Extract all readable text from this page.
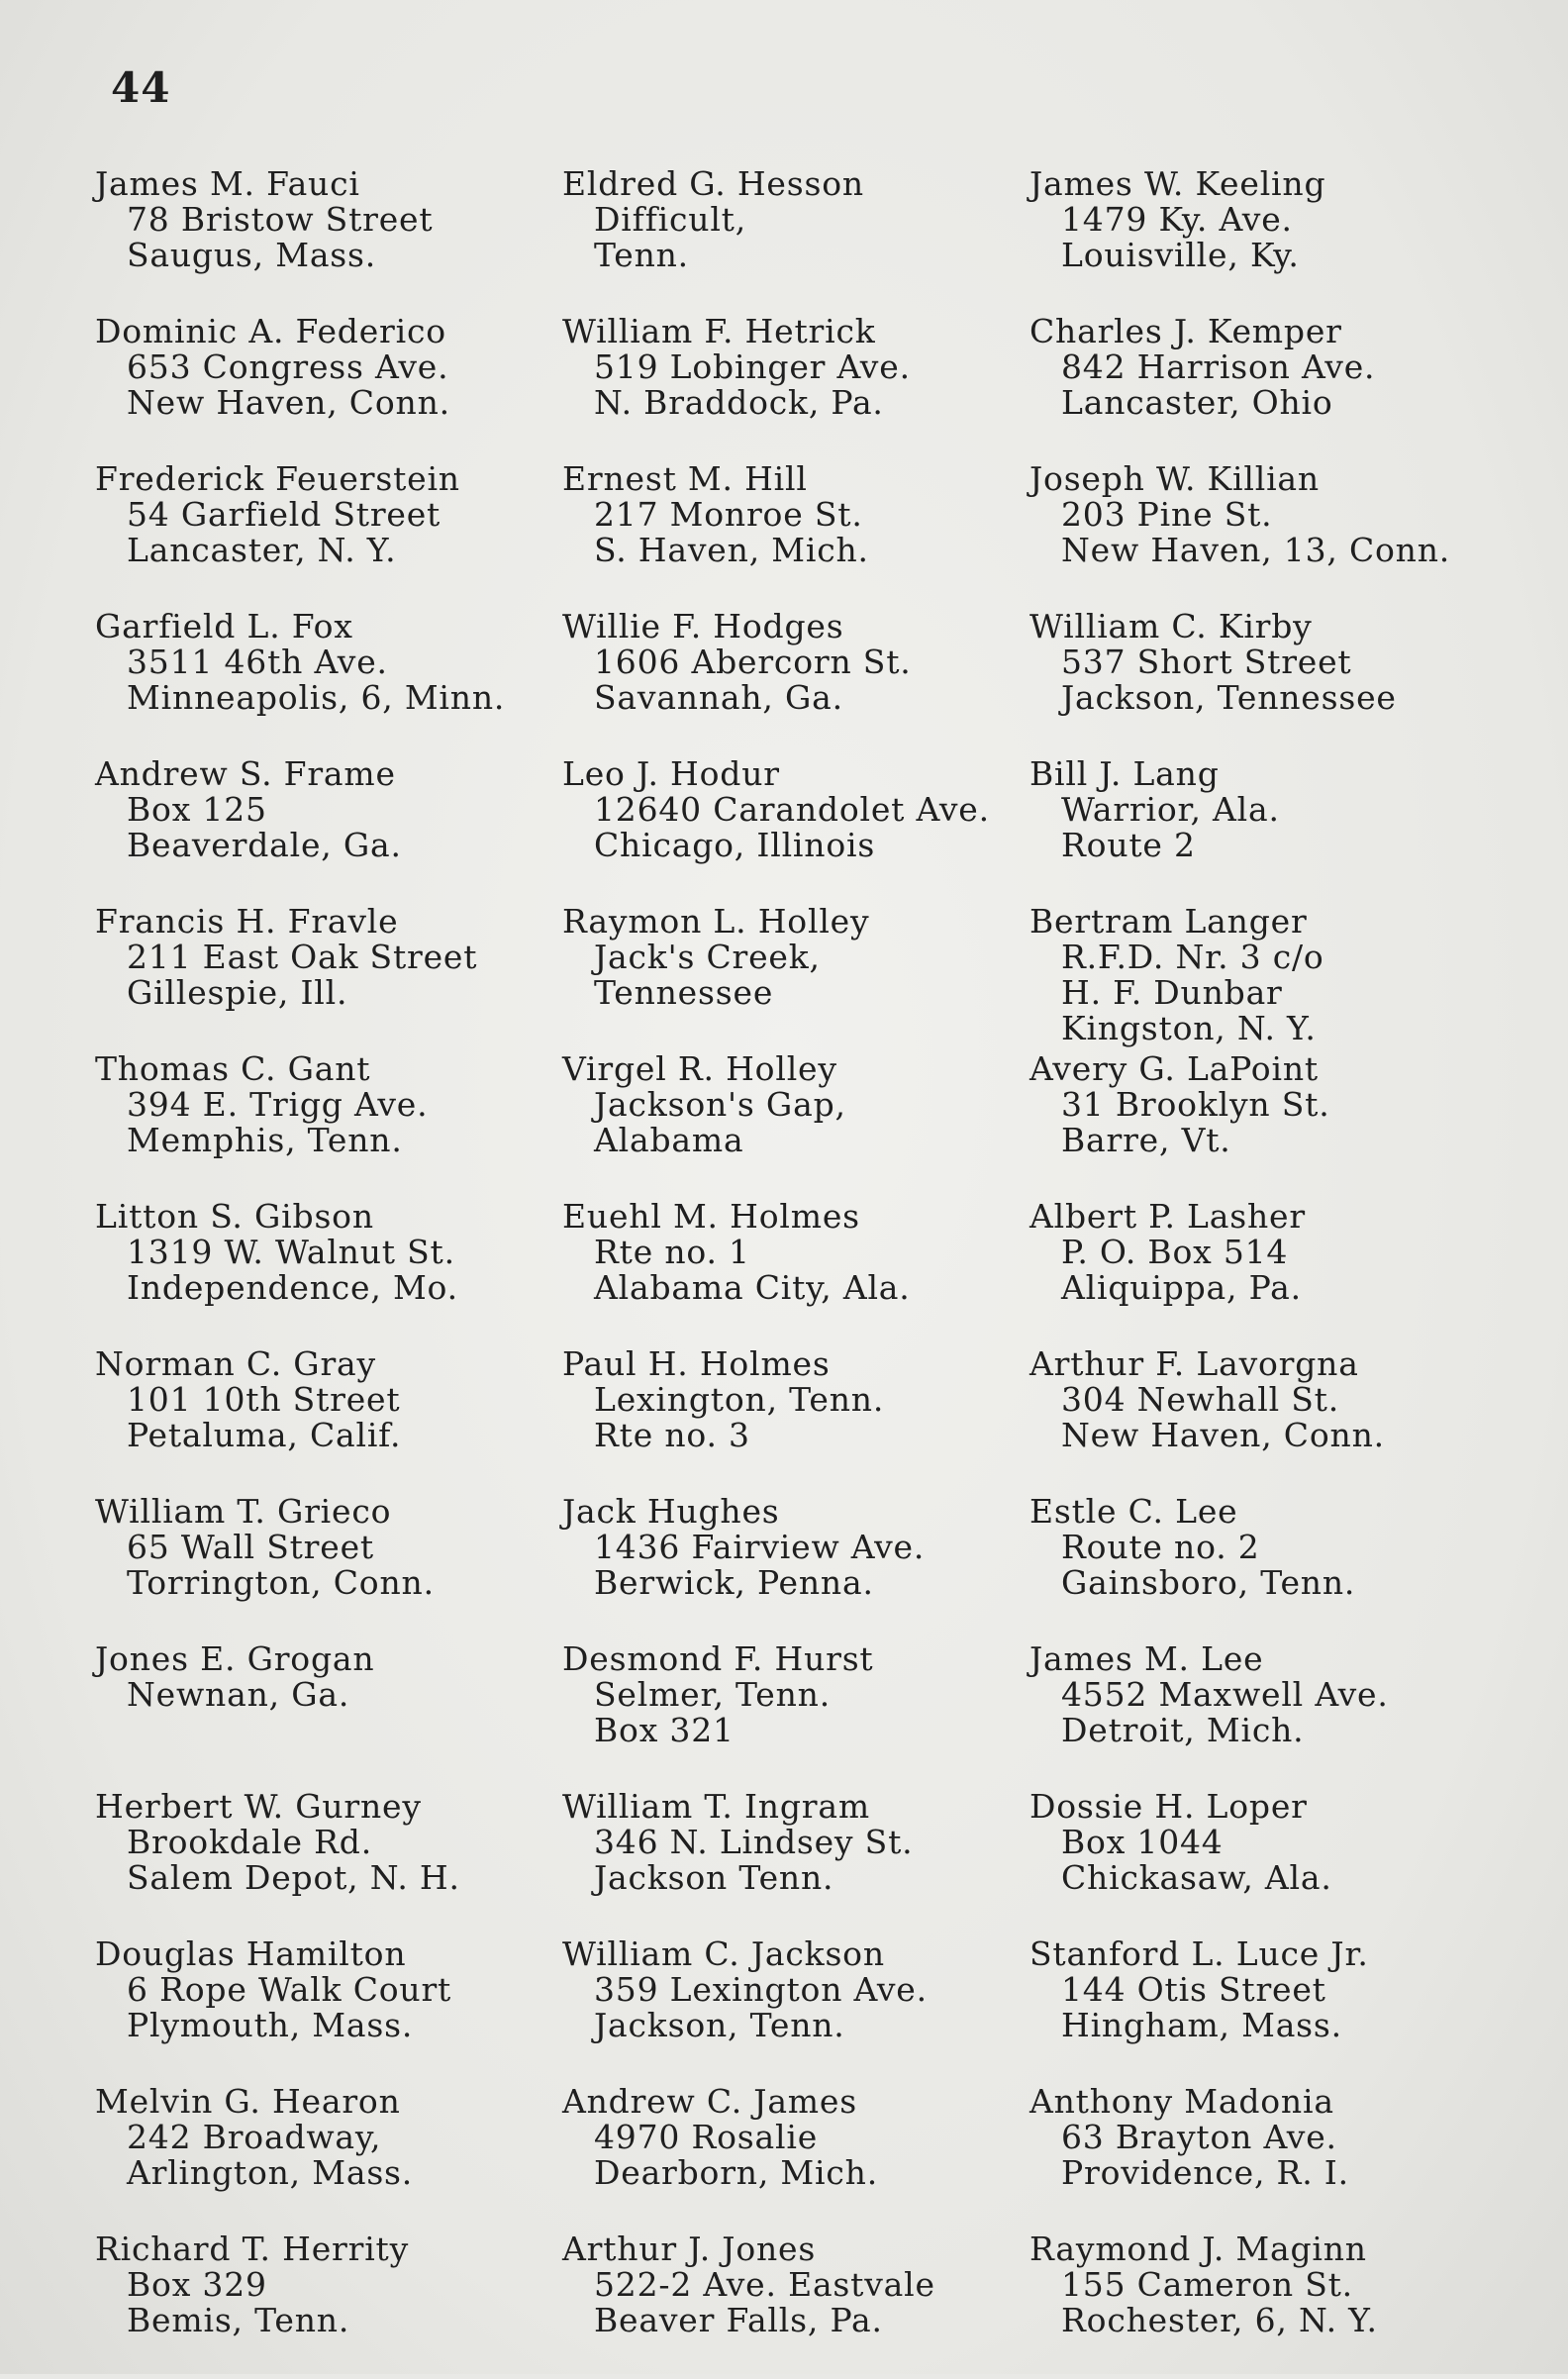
44
James M. Fauci
78 Bristow Street
Saugus, Mass.
Dominic A. Federico
653 Congress Ave.
New Haven, Conn.
Frederick Feuerstein
54 Garfield Street
Lancaster, N. Y.
Garfield L. Fox
3511 46th Ave.
Minneapolis, 6, Minn.
Andrew S. Frame
Box 125
Beaverdale, Ga.
Francis H. Fravle
211 East Oak Street
Gillespie, Ill.
Thomas C. Gant
394 E. Trigg Ave.
Memphis, Tenn.
Litton S. Gibson
1319 W. Walnut St.
Independence, Mo.
Norman C. Gray
101 10th Street
Petaluma, Calif.
William T. Grieco
65 Wall Street
Torrington, Conn.
Jones E. Grogan
Newnan, Ga.
Herbert W. Gurney
Brookdale Rd.
Salem Depot, N. H.
Douglas Hamilton
6 Rope Walk Court
Plymouth, Mass.
Melvin G. Hearon
242 Broadway,
Arlington, Mass.
Richard T. Herrity
Box 329
Bemis, Tenn.
Eldred G. Hesson
Difficult,
Tenn.
William F. Hetrick
519 Lobinger Ave.
N. Braddock, Pa.
Ernest M. Hill
217 Monroe St.
S. Haven, Mich.
Willie F. Hodges
1606 Abercorn St.
Savannah, Ga.
Leo J. Hodur
12640 Carandolet Ave.
Chicago, Illinois
Raymon L. Holley
Jack's Creek,
Tennessee
Virgel R. Holley
Jackson's Gap,
Alabama
Euehl M. Holmes
Rte no. 1
Alabama City, Ala.
Paul H. Holmes
Lexington, Tenn.
Rte no. 3
Jack Hughes
1436 Fairview Ave.
Berwick, Penna.
Desmond F. Hurst
Selmer, Tenn.
Box 321
William T. Ingram
346 N. Lindsey St.
Jackson Tenn.
William C. Jackson
359 Lexington Ave.
Jackson, Tenn.
Andrew C. James
4970 Rosalie
Dearborn, Mich.
Arthur J. Jones
522-2 Ave. Eastvale
Beaver Falls, Pa.
James W. Keeling
1479 Ky. Ave.
Louisville, Ky.
Charles J. Kemper
842 Harrison Ave.
Lancaster, Ohio
Joseph W. Killian
203 Pine St.
New Haven, 13, Conn.
William C. Kirby
537 Short Street
Jackson, Tennessee
Bill J. Lang
Warrior, Ala.
Route 2
Bertram Langer
R.F.D. Nr. 3 c/o
H. F. Dunbar
Kingston, N. Y.
Avery G. LaPoint
31 Brooklyn St.
Barre, Vt.
Albert P. Lasher
P. O. Box 514
Aliquippa, Pa.
Arthur F. Lavorgna
304 Newhall St.
New Haven, Conn.
Estle C. Lee
Route no. 2
Gainsboro, Tenn.
James M. Lee
4552 Maxwell Ave.
Detroit, Mich.
Dossie H. Loper
Box 1044
Chickasaw, Ala.
Stanford L. Luce Jr.
144 Otis Street
Hingham, Mass.
Anthony Madonia
63 Brayton Ave.
Providence, R. I.
Raymond J. Maginn
155 Cameron St.
Rochester, 6, N. Y.
